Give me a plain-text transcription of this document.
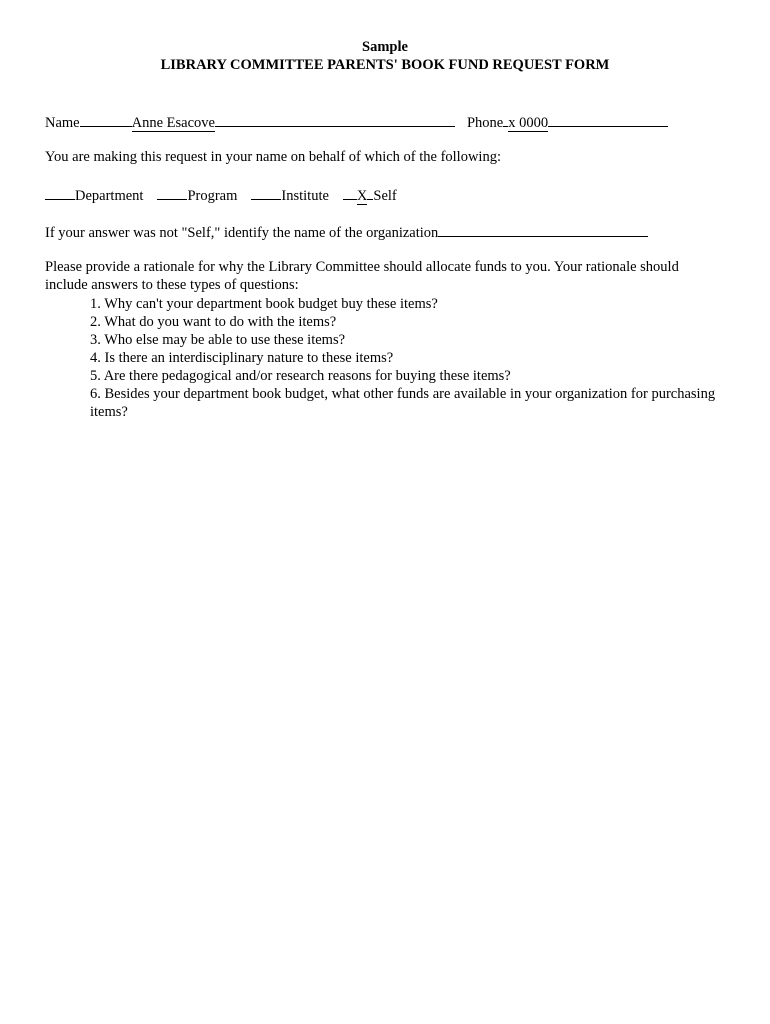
Sample
LIBRARY COMMITTEE PARENTS' BOOK FUND REQUEST FORM
Name	Anne Esacove	Phone x 0000
You are making this request in your name on behalf of which of the following:
Department	Program	Institute X Self
If your answer was not "Self," identify the name of the organization
Please provide a rationale for why the Library Committee should allocate funds to you. Your rationale should include answers to these types of questions:
1. Why can't your department book budget buy these items?
2. What do you want to do with the items?
3. Who else may be able to use these items?
4. Is there an interdisciplinary nature to these items?
5. Are there pedagogical and/or research reasons for buying these items?
6. Besides your department book budget, what other funds are available in your organization for purchasing items?
